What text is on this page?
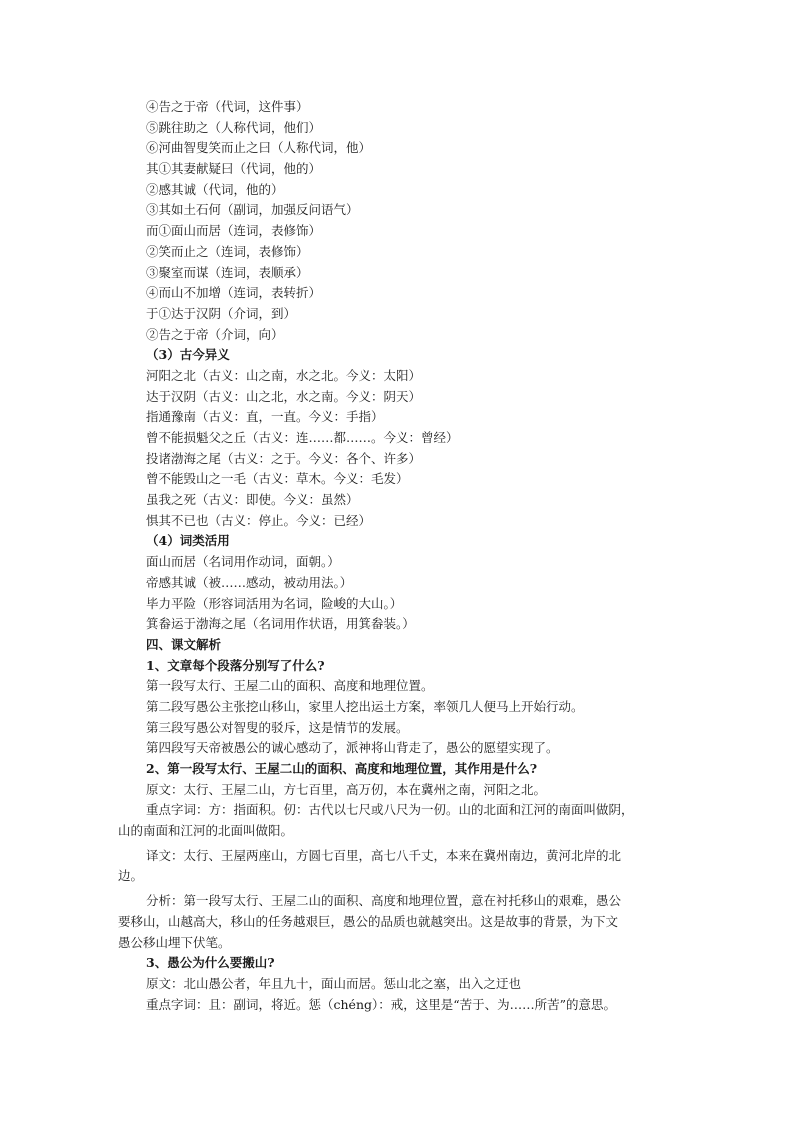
④告之于帝（代词，这件事）
⑤跳往助之（人称代词，他们）
⑥河曲智叟笑而止之曰（人称代词，他）
其①其妻献疑曰（代词，他的）
②感其诚（代词，他的）
③其如土石何（副词，加强反问语气）
而①面山而居（连词，表修饰）
②笑而止之（连词，表修饰）
③聚室而谋（连词，表顺承）
④而山不加增（连词，表转折）
于①达于汉阴（介词，到）
②告之于帝（介词，向）
（3）古今异义
河阳之北（古义：山之南，水之北。今义：太阳）
达于汉阴（古义：山之北，水之南。今义：阴天）
指通豫南（古义：直，一直。今义：手指）
曾不能损魁父之丘（古义：连……都……。今义：曾经）
投诸渤海之尾（古义：之于。今义：各个、许多）
曾不能毁山之一毛（古义：草木。今义：毛发）
虽我之死（古义：即使。今义：虽然）
惧其不已也（古义：停止。今义：已经）
（4）词类活用
面山而居（名词用作动词，面朝。）
帝感其诚（被……感动，被动用法。）
毕力平险（形容词活用为名词，险峻的大山。）
箕畚运于渤海之尾（名词用作状语，用箕畚装。）
四、课文解析
1、文章每个段落分别写了什么?
第一段写太行、王屋二山的面积、高度和地理位置。
第二段写愚公主张挖山移山，家里人挖出运土方案，率领几人便马上开始行动。
第三段写愚公对智叟的驳斥，这是情节的发展。
第四段写天帝被愚公的诚心感动了，派神将山背走了，愚公的愿望实现了。
2、第一段写太行、王屋二山的面积、高度和地理位置，其作用是什么?
原文：太行、王屋二山，方七百里，高万仞，本在冀州之南，河阳之北。
重点字词：方：指面积。仞：古代以七尺或八尺为一仞。山的北面和江河的南面叫做阴，
山的南面和江河的北面叫做阳。
译文：太行、王屋两座山，方圆七百里，高七八千丈，本来在冀州南边，黄河北岸的北
边。
分析：第一段写太行、王屋二山的面积、高度和地理位置，意在衬托移山的艰难，愚公
要移山，山越高大，移山的任务越艰巨，愚公的品质也就越突出。这是故事的背景，为下文
愚公移山埋下伏笔。
3、愚公为什么要搬山?
原文：北山愚公者，年且九十，面山而居。惩山北之塞，出入之迂也
重点字词：且：副词，将近。惩（chéng）：戒，这里是“苦于、为……所苦”的意思。
